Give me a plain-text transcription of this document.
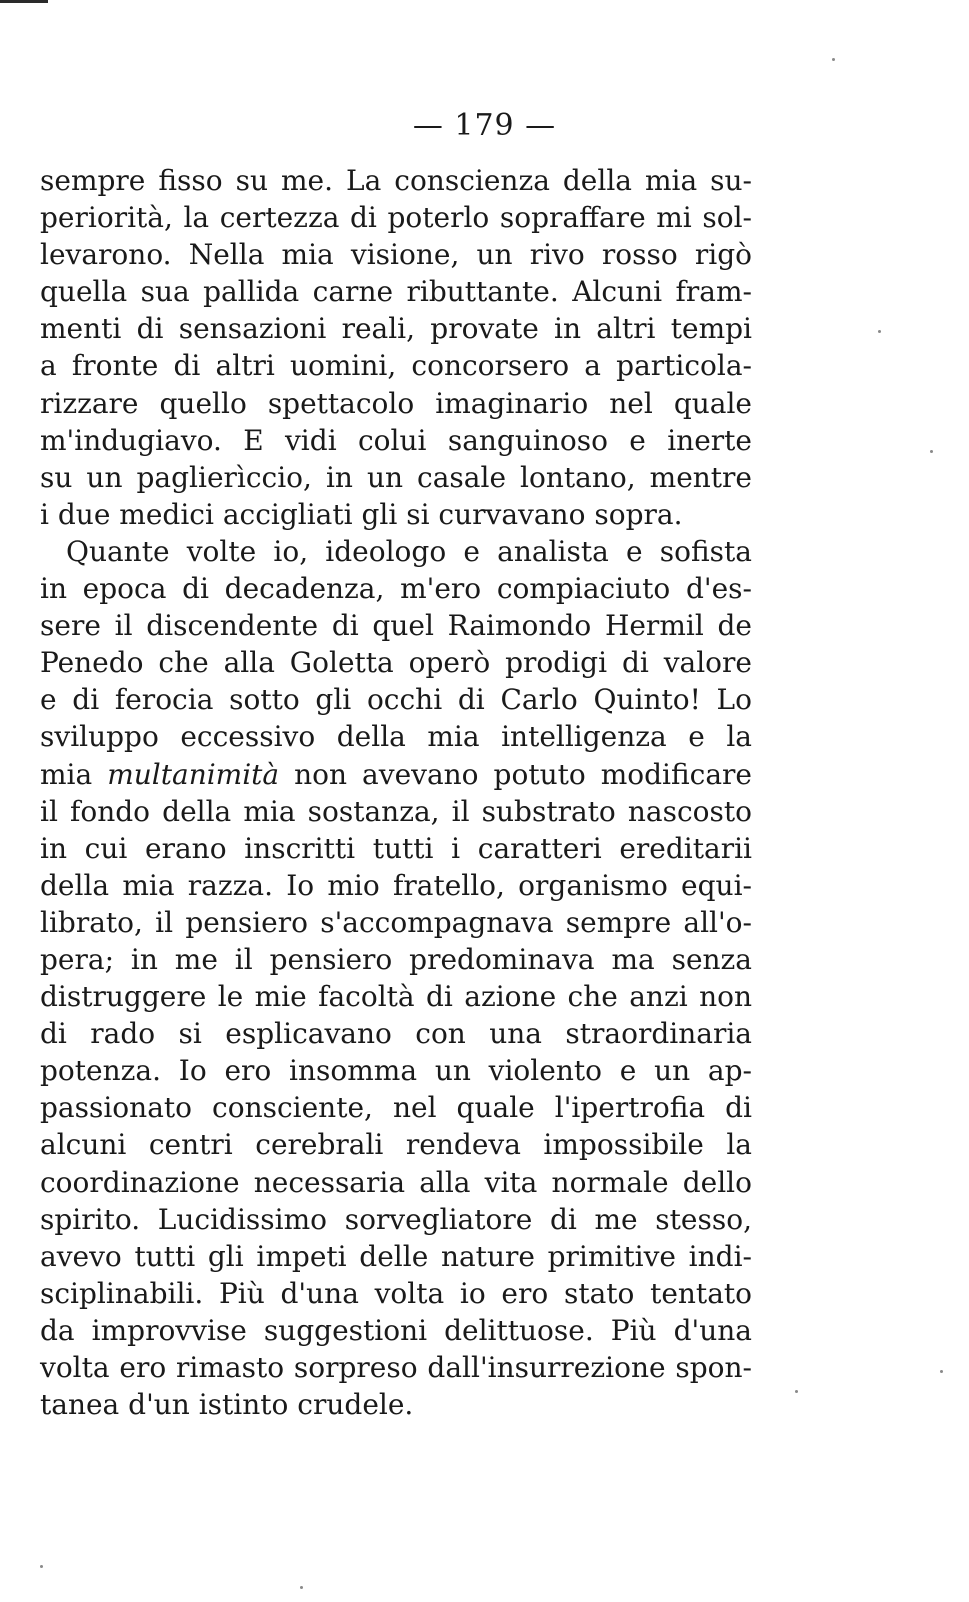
— 179 —
sempre fisso su me. La conscienza della mia su-
periorità, la certezza di poterlo sopraffare mi sol-
levarono. Nella mia visione, un rivo rosso rigò
quella sua pallida carne ributtante. Alcuni fram-
menti di sensazioni reali, provate in altri tempi
a fronte di altri uomini, concorsero a particola-
rizzare quello spettacolo imaginario nel quale
m'indugiavo. E vidi colui sanguinoso e inerte
su un paglierìccio, in un casale lontano, mentre
i due medici accigliati gli si curvavano sopra.
Quante volte io, ideologo e analista e sofista
in epoca di decadenza, m'ero compiaciuto d'es-
sere il discendente di quel Raimondo Hermil de
Penedo che alla Goletta operò prodigi di valore
e di ferocia sotto gli occhi di Carlo Quinto! Lo
sviluppo eccessivo della mia intelligenza e la
mia multanimità non avevano potuto modificare
il fondo della mia sostanza, il substrato nascosto
in cui erano inscritti tutti i caratteri ereditarii
della mia razza. Io mio fratello, organismo equi-
librato, il pensiero s'accompagnava sempre all'o-
pera; in me il pensiero predominava ma senza
distruggere le mie facoltà di azione che anzi non
di rado si esplicavano con una straordinaria
potenza. Io ero insomma un violento e un ap-
passionato consciente, nel quale l'ipertrofia di
alcuni centri cerebrali rendeva impossibile la
coordinazione necessaria alla vita normale dello
spirito. Lucidissimo sorvegliatore di me stesso,
avevo tutti gli impeti delle nature primitive indi-
sciplinabili. Più d'una volta io ero stato tentato
da improvvise suggestioni delittuose. Più d'una
volta ero rimasto sorpreso dall'insurrezione spon-
tanea d'un istinto crudele.
